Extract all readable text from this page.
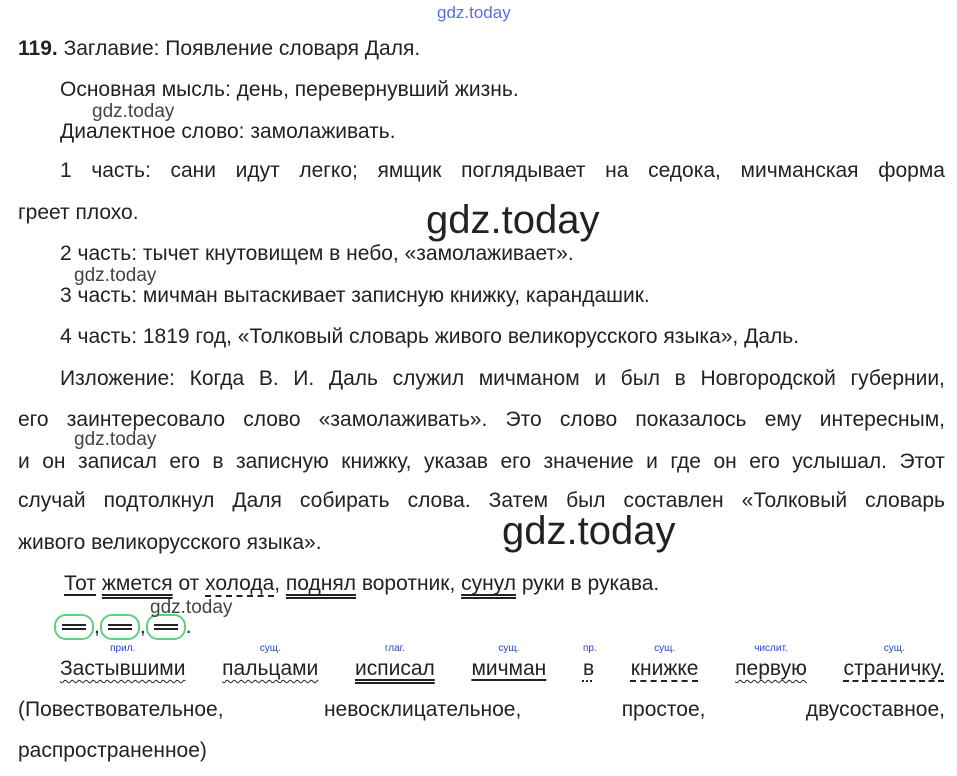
gdz.today
119. Заглавие: Появление словаря Даля.
Основная мысль: день, перевернувший жизнь.
gdz.today
Диалектное слово: замолаживать.
1 часть: сани идут легко; ямщик поглядывает на седока, мичманская форма
греет плохо.	gdz.today
2 часть: тычет кнутовищем в небо, «замолаживает».
gdz.today
3 часть: мичман вытаскивает записную книжку, карандашик.
4 часть: 1819 год, «Толковый словарь живого великорусского языка», Даль.
Изложение: Когда В. И. Даль служил мичманом и был в Новгородской губернии,
его заинтересовало слово «замолаживать». Это слово показалось ему интересным,
gdz.today
и он записал его в записную книжку, указав его значение и где он его услышал. Этот
случай подтолкнул Даля собирать слова. Затем был составлен «Толковый словарь
живого великорусского языка».	gdz.today
Тот жмется от холода, поднял воротник, сунул руки в рукава.
, , .
gdz.today
прил.
Застывшими
сущ.
пальцами
глаг.
исписал
сущ.
мичман
пр.
в
сущ.
книжке
числит.
первую
сущ.
страничку.
(Повествовательное,	невосклицательное,	простое,	двусоставное,
распространенное)
